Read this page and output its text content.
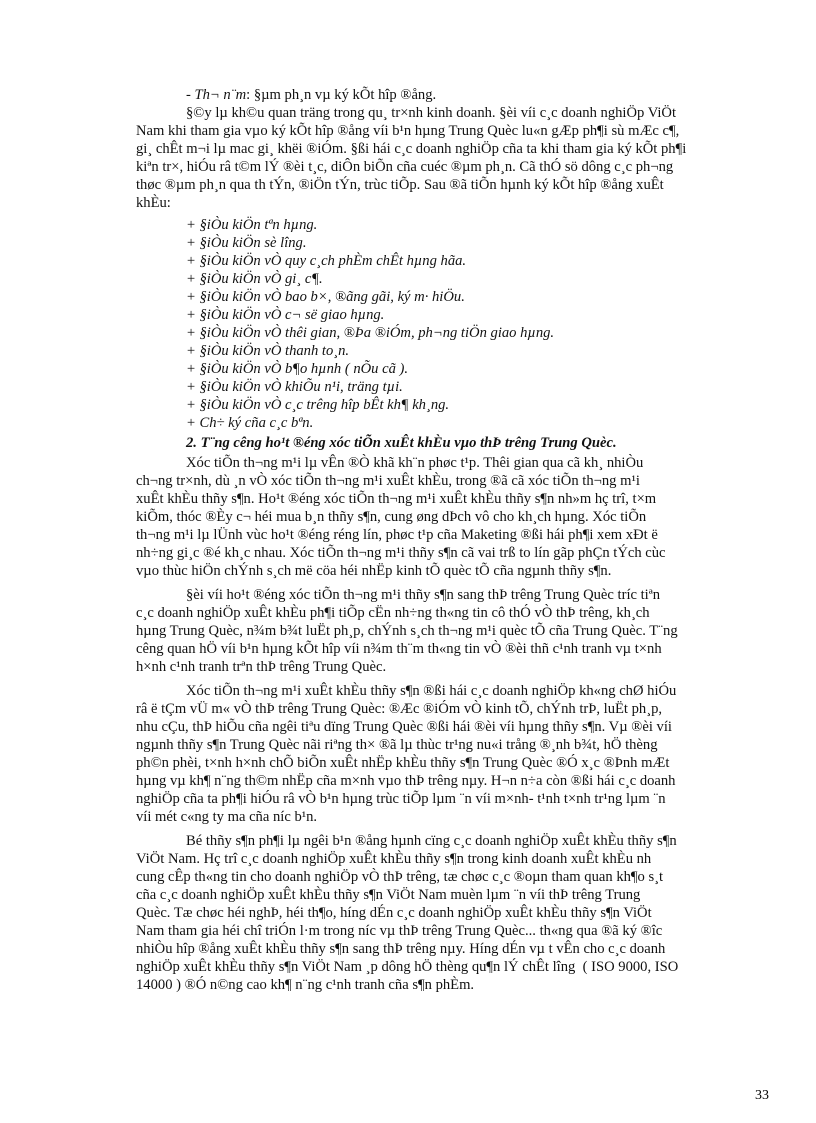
- Th¬ n¨m: §µm ph¸n vµ ký kÕt hîp ®ång.
§©y lµ kh©u quan träng trong qu¸ tr×nh kinh doanh. §èi víi c¸c doanh nghiÖp ViÖt
Nam khi tham gia vµo ký kÕt hîp ®ång víi b¹n hµng Trung Quèc lu«n gÆp ph¶i sù mÆc c¶,
gi¸ chÊt m¬i lµ mac gi¸ khëi ®iÓm. §ßi hái c¸c doanh nghiÖp cña ta khi tham gia ký kÕt ph¶i
kiªn tr×, hiÓu râ t©m lÝ ®èi t¸c, diÔn biÕn cña cuéc ®µm ph¸n. Cã thÓ sö dông c¸c ph¬ng
thøc ®µm ph¸n qua th tÝn, ®iÖn tÝn, trùc tiÕp. Sau ®ã tiÕn hµnh ký kÕt hîp ®ång xuÊt
khÈu:
+ §iÒu kiÖn tªn hµng.
+ §iÒu kiÖn sè lîng.
+ §iÒu kiÖn vÒ quy c¸ch phÈm chÊt hµng hãa.
+ §iÒu kiÖn vÒ gi¸ c¶.
+ §iÒu kiÖn vÒ bao b×, ®ãng gãi, ký m· hiÖu.
+ §iÒu kiÖn vÒ c¬ së giao hµng.
+ §iÒu kiÖn vÒ thêi gian, ®Þa ®iÓm, ph¬ng tiÖn giao hµng.
+ §iÒu kiÖn vÒ thanh to¸n.
+ §iÒu kiÖn vÒ b¶o hµnh ( nÕu cã ).
+ §iÒu kiÖn vÒ khiÕu n¹i, träng tµi.
+ §iÒu kiÖn vÒ c¸c trêng hîp bÊt kh¶ kh¸ng.
+ Ch÷ ký cña c¸c bªn.
2. T¨ng cêng ho¹t ®éng xóc tiÕn xuÊt khÈu vµo thÞ trêng Trung Quèc.
Xóc tiÕn th¬ng m¹i lµ vÊn ®Ò khã kh¨n phøc t¹p. Thêi gian qua cã kh¸ nhiÒu
ch¬ng tr×nh, dù ¸n vÒ xóc tiÕn th¬ng m¹i xuÊt khÈu, trong ®ã cã xóc tiÕn th¬ng m¹i
xuÊt khÈu thñy s¶n. Ho¹t ®éng xóc tiÕn th¬ng m¹i xuÊt khÈu thñy s¶n nh»m hç trî, t×m
kiÕm, thóc ®Èy c¬ héi mua b¸n thñy s¶n, cung øng dÞch vô cho kh¸ch hµng. Xóc tiÕn
th¬ng m¹i lµ lÜnh vùc ho¹t ®éng réng lín, phøc t¹p cña Maketing ®ßi hái ph¶i xem xÐt ë
nh÷ng gi¸c ®é kh¸c nhau. Xóc tiÕn th¬ng m¹i thñy s¶n cã vai trß to lín gãp phÇn tÝch cùc
vµo thùc hiÖn chÝnh s¸ch më cöa héi nhËp kinh tÕ quèc tÕ cña ngµnh thñy s¶n.
§èi víi ho¹t ®éng xóc tiÕn th¬ng m¹i thñy s¶n sang thÞ trêng Trung Quèc tríc tiªn
c¸c doanh nghiÖp xuÊt khÈu ph¶i tiÕp cËn nh÷ng th«ng tin cô thÓ vÒ thÞ trêng, kh¸ch
hµng Trung Quèc, n¾m b¾t luËt ph¸p, chÝnh s¸ch th¬ng m¹i quèc tÕ cña Trung Quèc. T¨ng
cêng quan hÖ víi b¹n hµng kÕt hîp víi n¾m th¨m th«ng tin vÒ ®èi thñ c¹nh tranh vµ t×nh
h×nh c¹nh tranh trªn thÞ trêng Trung Quèc.
Xóc tiÕn th¬ng m¹i xuÊt khÈu thñy s¶n ®ßi hái c¸c doanh nghiÖp kh«ng chØ hiÓu
râ ë tÇm vÜ m« vÒ thÞ trêng Trung Quèc: ®Æc ®iÓm vÒ kinh tÕ, chÝnh trÞ, luËt ph¸p,
nhu cÇu, thÞ hiÕu cña ngêi tiªu dïng Trung Quèc ®ßi hái ®èi víi hµng thñy s¶n. Vµ ®èi víi
ngµnh thñy s¶n Trung Quèc nãi riªng th× ®ã lµ thùc tr¹ng nu«i trång ®¸nh b¾t, hÖ thèng
ph©n phèi, t×nh h×nh chÕ biÕn xuÊt nhËp khÈu thñy s¶n Trung Quèc ®Ó x¸c ®Þnh mÆt
hµng vµ kh¶ n¨ng th©m nhËp cña m×nh vµo thÞ trêng nµy. H¬n n÷a còn ®ßi hái c¸c doanh
nghiÖp cña ta ph¶i hiÓu râ vÒ b¹n hµng trùc tiÕp lµm ¨n víi m×nh- t¹nh t×nh tr¹ng lµm ¨n
víi mét c«ng ty ma cña níc b¹n.
Bé thñy s¶n ph¶i lµ ngêi b¹n ®ång hµnh cïng c¸c doanh nghiÖp xuÊt khÈu thñy s¶n
ViÖt Nam. Hç trî c¸c doanh nghiÖp xuÊt khÈu thñy s¶n trong kinh doanh xuÊt khÈu nh
cung cÊp th«ng tin cho doanh nghiÖp vÒ thÞ trêng, tæ chøc c¸c ®oµn tham quan kh¶o s¸t
cña c¸c doanh nghiÖp xuÊt khÈu thñy s¶n ViÖt Nam muèn lµm ¨n víi thÞ trêng Trung
Quèc. Tæ chøc héi nghÞ, héi th¶o, híng dÉn c¸c doanh nghiÖp xuÊt khÈu thñy s¶n ViÖt
Nam tham gia héi chî triÓn l·m trong níc vµ thÞ trêng Trung Quèc... th«ng qua ®ã ký ®îc
nhiÒu hîp ®ång xuÊt khÈu thñy s¶n sang thÞ trêng nµy. Híng dÉn vµ t vÊn cho c¸c doanh
nghiÖp xuÊt khÈu thñy s¶n ViÖt Nam ¸p dông hÖ thèng qu¶n lÝ chÊt lîng  ( ISO 9000, ISO
14000 ) ®Ó n©ng cao kh¶ n¨ng c¹nh tranh cña s¶n phÈm.
33
